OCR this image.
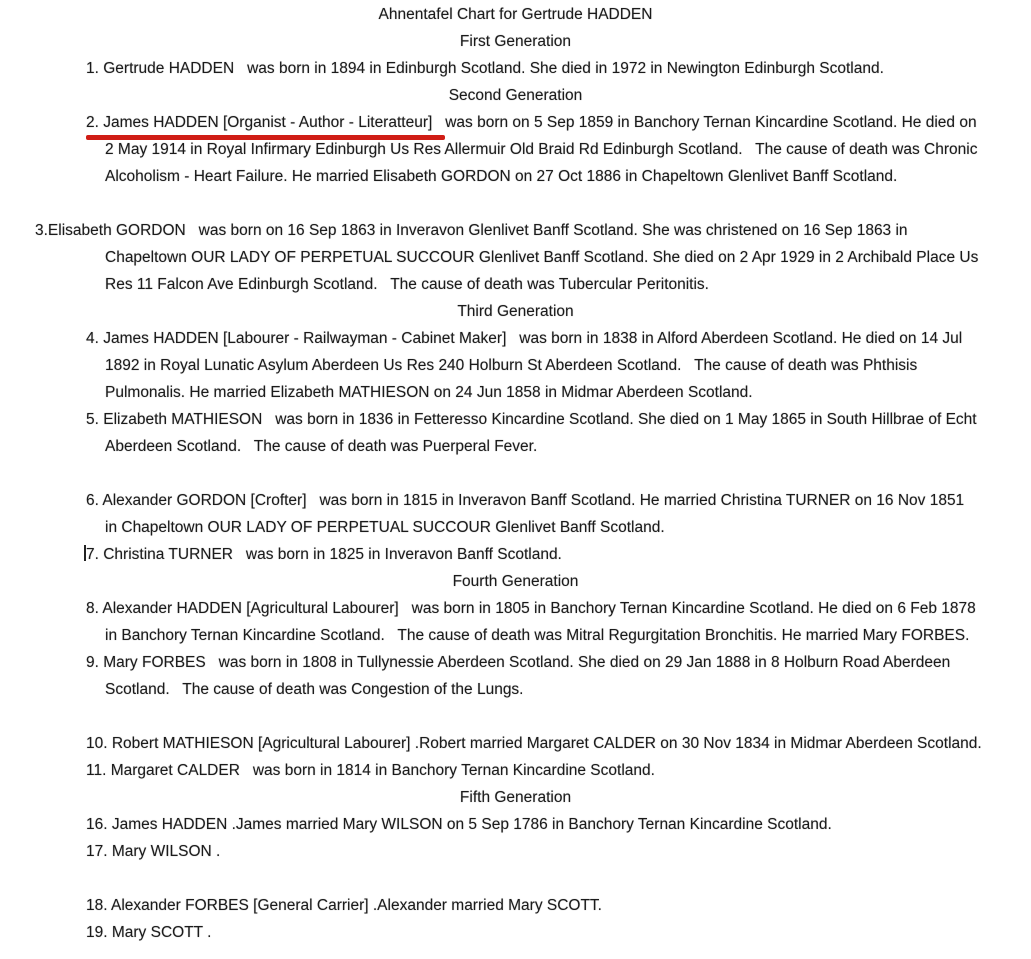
Ahnentafel Chart for Gertrude HADDEN
First Generation
1. Gertrude HADDEN   was born in 1894 in Edinburgh Scotland. She died in 1972 in Newington Edinburgh Scotland.
Second Generation
2. James HADDEN [Organist - Author - Literatteur]   was born on 5 Sep 1859 in Banchory Ternan Kincardine Scotland. He died on
2 May 1914 in Royal Infirmary Edinburgh Us Res Allermuir Old Braid Rd Edinburgh Scotland.   The cause of death was Chronic
Alcoholism - Heart Failure. He married Elisabeth GORDON on 27 Oct 1886 in Chapeltown Glenlivet Banff Scotland.
3.Elisabeth GORDON   was born on 16 Sep 1863 in Inveravon Glenlivet Banff Scotland. She was christened on 16 Sep 1863 in
Chapeltown OUR LADY OF PERPETUAL SUCCOUR Glenlivet Banff Scotland. She died on 2 Apr 1929 in 2 Archibald Place Us
Res 11 Falcon Ave Edinburgh Scotland.   The cause of death was Tubercular Peritonitis.
Third Generation
4. James HADDEN [Labourer - Railwayman - Cabinet Maker]   was born in 1838 in Alford Aberdeen Scotland. He died on 14 Jul
1892 in Royal Lunatic Asylum Aberdeen Us Res 240 Holburn St Aberdeen Scotland.   The cause of death was Phthisis
Pulmonalis. He married Elizabeth MATHIESON on 24 Jun 1858 in Midmar Aberdeen Scotland.
5. Elizabeth MATHIESON   was born in 1836 in Fetteresso Kincardine Scotland. She died on 1 May 1865 in South Hillbrae of Echt
Aberdeen Scotland.   The cause of death was Puerperal Fever.
6. Alexander GORDON [Crofter]   was born in 1815 in Inveravon Banff Scotland. He married Christina TURNER on 16 Nov 1851
in Chapeltown OUR LADY OF PERPETUAL SUCCOUR Glenlivet Banff Scotland.
7. Christina TURNER   was born in 1825 in Inveravon Banff Scotland.
Fourth Generation
8. Alexander HADDEN [Agricultural Labourer]   was born in 1805 in Banchory Ternan Kincardine Scotland. He died on 6 Feb 1878
in Banchory Ternan Kincardine Scotland.   The cause of death was Mitral Regurgitation Bronchitis. He married Mary FORBES.
9. Mary FORBES   was born in 1808 in Tullynessie Aberdeen Scotland. She died on 29 Jan 1888 in 8 Holburn Road Aberdeen
Scotland.   The cause of death was Congestion of the Lungs.
10. Robert MATHIESON [Agricultural Labourer] .Robert married Margaret CALDER on 30 Nov 1834 in Midmar Aberdeen Scotland.
11. Margaret CALDER   was born in 1814 in Banchory Ternan Kincardine Scotland.
Fifth Generation
16. James HADDEN .James married Mary WILSON on 5 Sep 1786 in Banchory Ternan Kincardine Scotland.
17. Mary WILSON .
18. Alexander FORBES [General Carrier] .Alexander married Mary SCOTT.
19. Mary SCOTT .
